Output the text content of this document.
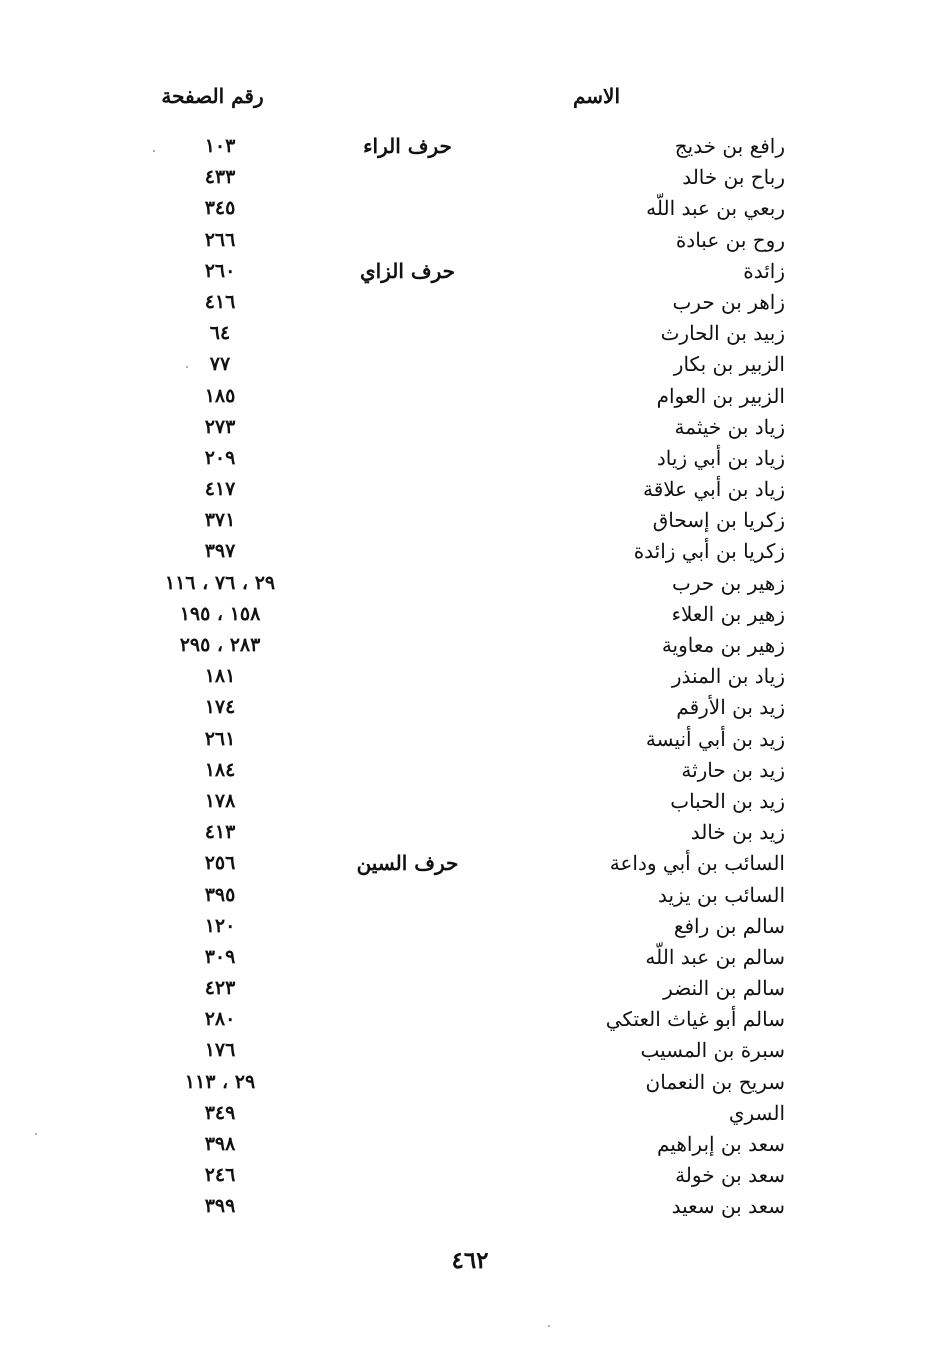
الاسم
رقم الصفحة
رافع بن خديج
حرف الراء
١٠٣
رباح بن خالد
٤٣٣
ربعي بن عبد اللّه
٣٤٥
روح بن عبادة
٢٦٦
زائدة
حرف الزاي
٢٦٠
زاهر بن حرب
٤١٦
زبيد بن الحارث
٦٤
الزبير بن بكار
٧٧
الزبير بن العوام
١٨٥
زياد بن خيثمة
٢٧٣
زياد بن أبي زياد
٢٠٩
زياد بن أبي علاقة
٤١٧
زكريا بن إسحاق
٣٧١
زكريا بن أبي زائدة
٣٩٧
زهير بن حرب
٢٩ ، ٧٦ ، ١١٦
زهير بن العلاء
١٥٨ ، ١٩٥
زهير بن معاوية
٢٨٣ ، ٢٩٥
زياد بن المنذر
١٨١
زيد بن الأرقم
١٧٤
زيد بن أبي أنيسة
٢٦١
زيد بن حارثة
١٨٤
زيد بن الحباب
١٧٨
زيد بن خالد
٤١٣
السائب بن أبي وداعة
حرف السين
٢٥٦
السائب بن يزيد
٣٩٥
سالم بن رافع
١٢٠
سالم بن عبد اللّه
٣٠٩
سالم بن النضر
٤٢٣
سالم أبو غياث العتكي
٢٨٠
سبرة بن المسيب
١٧٦
سريح بن النعمان
٢٩ ، ١١٣
السري
٣٤٩
سعد بن إبراهيم
٣٩٨
سعد بن خولة
٢٤٦
سعد بن سعيد
٣٩٩
٤٦٢
